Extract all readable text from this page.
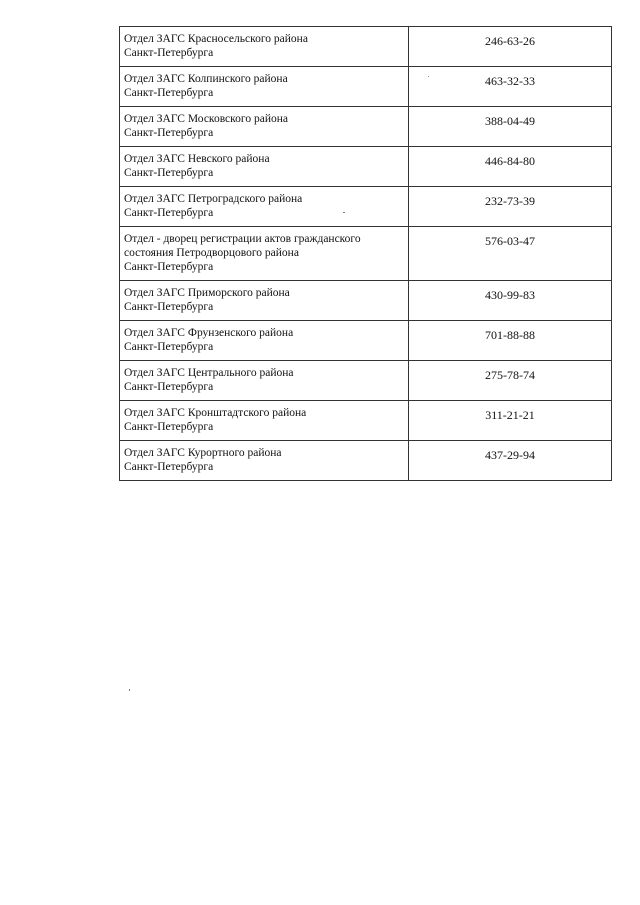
Отдел ЗАГС Красносельского района
Санкт-Петербурга	246-63-26

Отдел ЗАГС Колпинского района
Санкт-Петербурга	463-32-33

Отдел ЗАГС Московского района
Санкт-Петербурга	388-04-49

Отдел ЗАГС Невского района
Санкт-Петербурга	446-84-80

Отдел ЗАГС Петроградского района
Санкт-Петербурга	232-73-39

Отдел - дворец регистрации актов гражданского
состояния Петродворцового района
Санкт-Петербурга	576-03-47

Отдел ЗАГС Приморского района
Санкт-Петербурга	430-99-83

Отдел ЗАГС Фрунзенского района
Санкт-Петербурга	701-88-88

Отдел ЗАГС Центрального района
Санкт-Петербурга	275-78-74

Отдел ЗАГС Кронштадтского района
Санкт-Петербурга	311-21-21

Отдел ЗАГС Курортного района
Санкт-Петербурга	437-29-94
